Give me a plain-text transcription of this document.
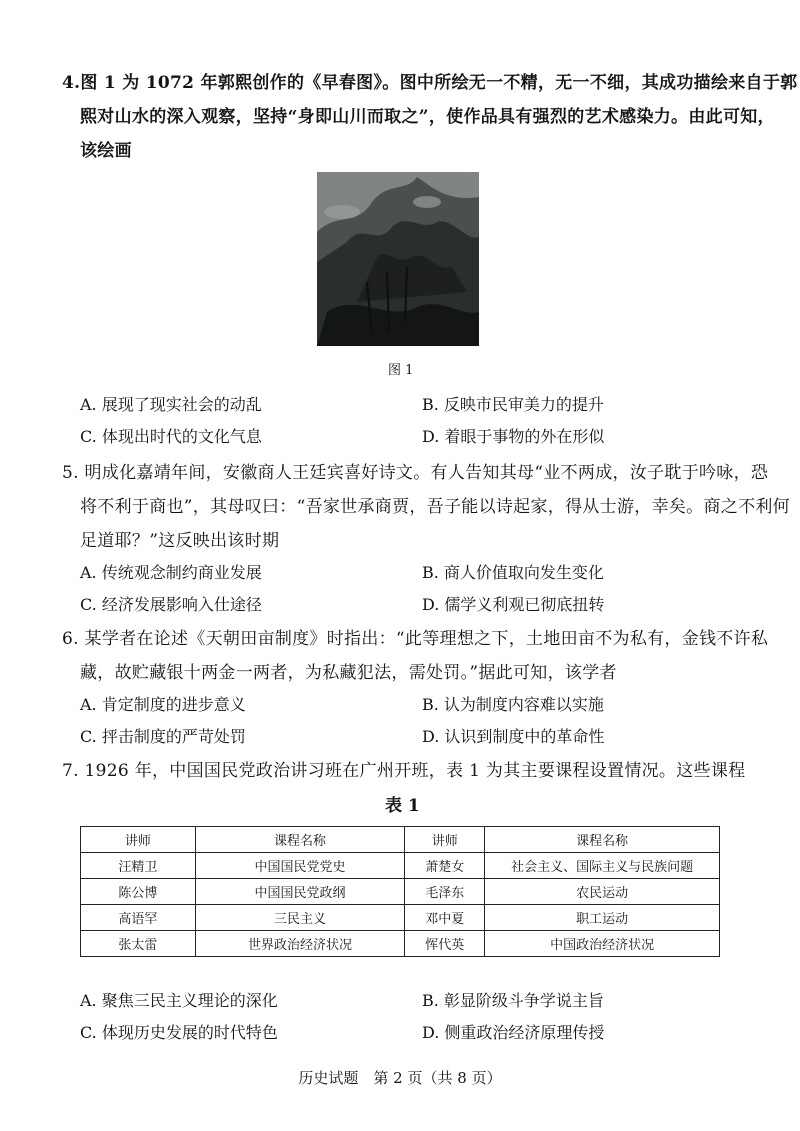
4.图 1 为 1072 年郭熙创作的《早春图》。图中所绘无一不精，无一不细，其成功描绘来自于郭
熙对山水的深入观察，坚持“身即山川而取之”，使作品具有强烈的艺术感染力。由此可知，
该绘画
图 1
A. 展现了现实社会的动乱	B. 反映市民审美力的提升
C. 体现出时代的文化气息	D. 着眼于事物的外在形似
5. 明成化嘉靖年间，安徽商人王廷宾喜好诗文。有人告知其母“业不两成，汝子耽于吟咏，恐
将不利于商也”，其母叹曰：“吾家世承商贾，吾子能以诗起家，得从士游，幸矣。商之不利何
足道耶？”这反映出该时期
A. 传统观念制约商业发展	B. 商人价值取向发生变化
C. 经济发展影响入仕途径	D. 儒学义利观已彻底扭转
6. 某学者在论述《天朝田亩制度》时指出：“此等理想之下，土地田亩不为私有，金钱不许私
藏，故贮藏银十两金一两者，为私藏犯法，需处罚。”据此可知，该学者
A. 肯定制度的进步意义	B. 认为制度内容难以实施
C. 抨击制度的严苛处罚	D. 认识到制度中的革命性
7. 1926 年，中国国民党政治讲习班在广州开班，表 1 为其主要课程设置情况。这些课程
表 1
讲师	课程名称	讲师	课程名称
汪精卫	中国国民党党史	萧楚女	社会主义、国际主义与民族问题
陈公博	中国国民党政纲	毛泽东	农民运动
高语罕	三民主义	邓中夏	职工运动
张太雷	世界政治经济状况	恽代英	中国政治经济状况
A. 聚焦三民主义理论的深化	B. 彰显阶级斗争学说主旨
C. 体现历史发展的时代特色	D. 侧重政治经济原理传授
历史试题　第 2 页（共 8 页）
